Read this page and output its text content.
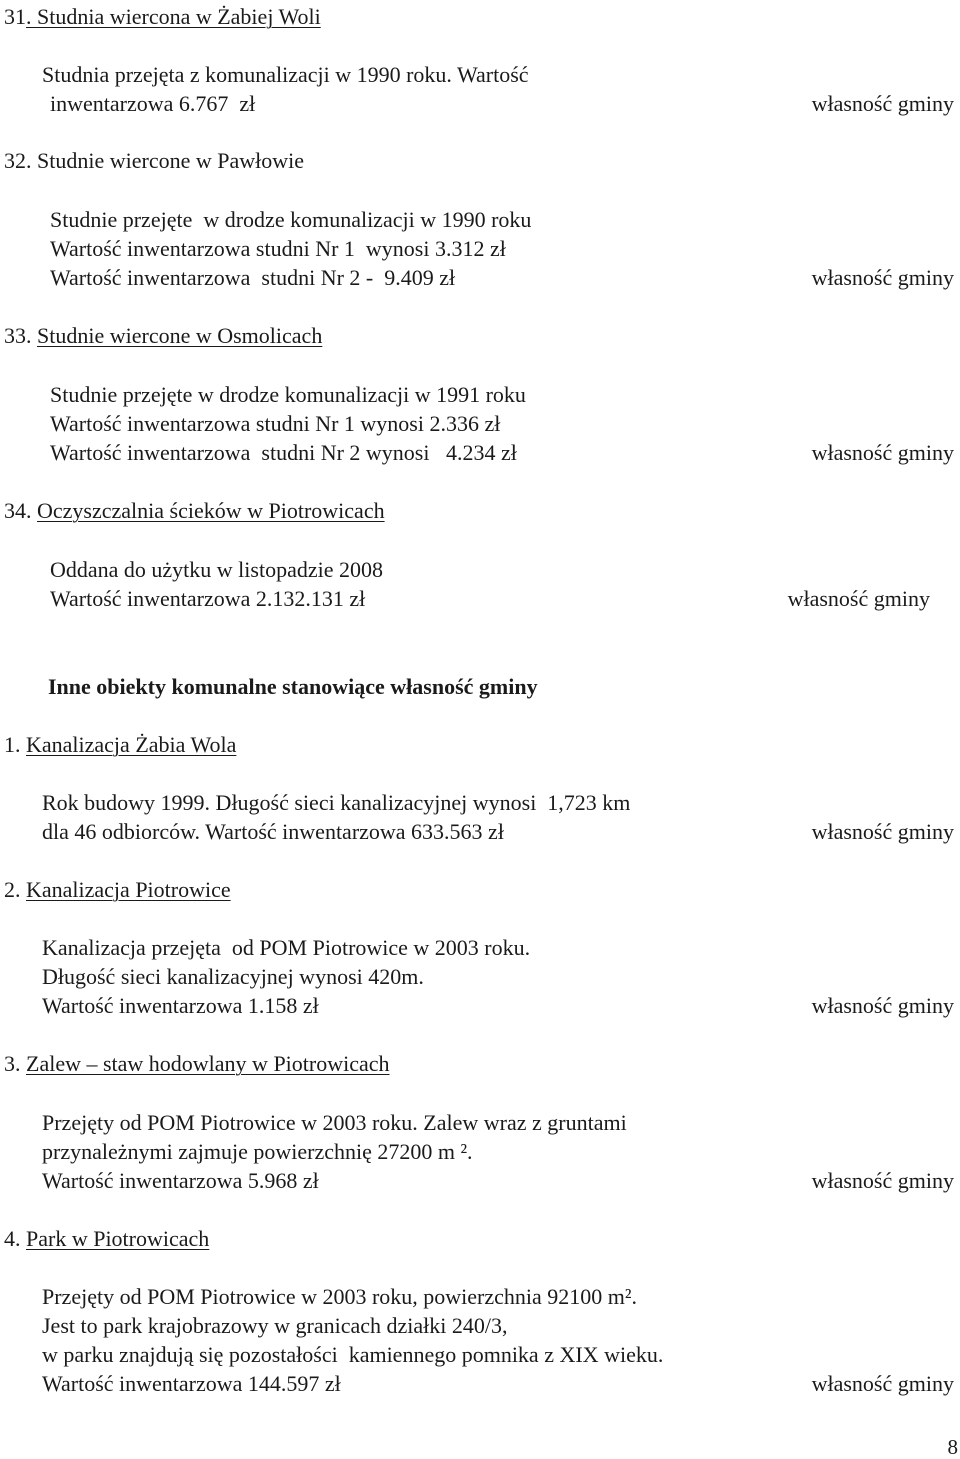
31. Studnia wiercona w Żabiej Woli
Studnia przejęta z komunalizacji w 1990 roku. Wartość
inwentarzowa 6.767  zł	własność gminy
32. Studnie wiercone w Pawłowie
Studnie przejęte  w drodze komunalizacji w 1990 roku
Wartość inwentarzowa studni Nr 1  wynosi 3.312 zł
Wartość inwentarzowa  studni Nr 2 -  9.409 zł	własność gminy
33. Studnie wiercone w Osmolicach
Studnie przejęte w drodze komunalizacji w 1991 roku
Wartość inwentarzowa studni Nr 1 wynosi 2.336 zł
Wartość inwentarzowa  studni Nr 2 wynosi   4.234 zł	własność gminy
34. Oczyszczalnia ścieków w Piotrowicach
Oddana do użytku w listopadzie 2008
Wartość inwentarzowa 2.132.131 zł	własność gminy
Inne obiekty komunalne stanowiące własność gminy
1. Kanalizacja Żabia Wola
Rok budowy 1999. Długość sieci kanalizacyjnej wynosi  1,723 km
dla 46 odbiorców. Wartość inwentarzowa 633.563 zł	własność gminy
2. Kanalizacja Piotrowice
Kanalizacja przejęta  od POM Piotrowice w 2003 roku.
Długość sieci kanalizacyjnej wynosi 420m.
Wartość inwentarzowa 1.158 zł	własność gminy
3. Zalew – staw hodowlany w Piotrowicach
Przejęty od POM Piotrowice w 2003 roku. Zalew wraz z gruntami
przynależnymi zajmuje powierzchnię 27200 m ².
Wartość inwentarzowa 5.968 zł	własność gminy
4. Park w Piotrowicach
Przejęty od POM Piotrowice w 2003 roku, powierzchnia 92100 m².
Jest to park krajobrazowy w granicach działki 240/3,
w parku znajdują się pozostałości  kamiennego pomnika z XIX wieku.
Wartość inwentarzowa 144.597 zł	własność gminy
8
